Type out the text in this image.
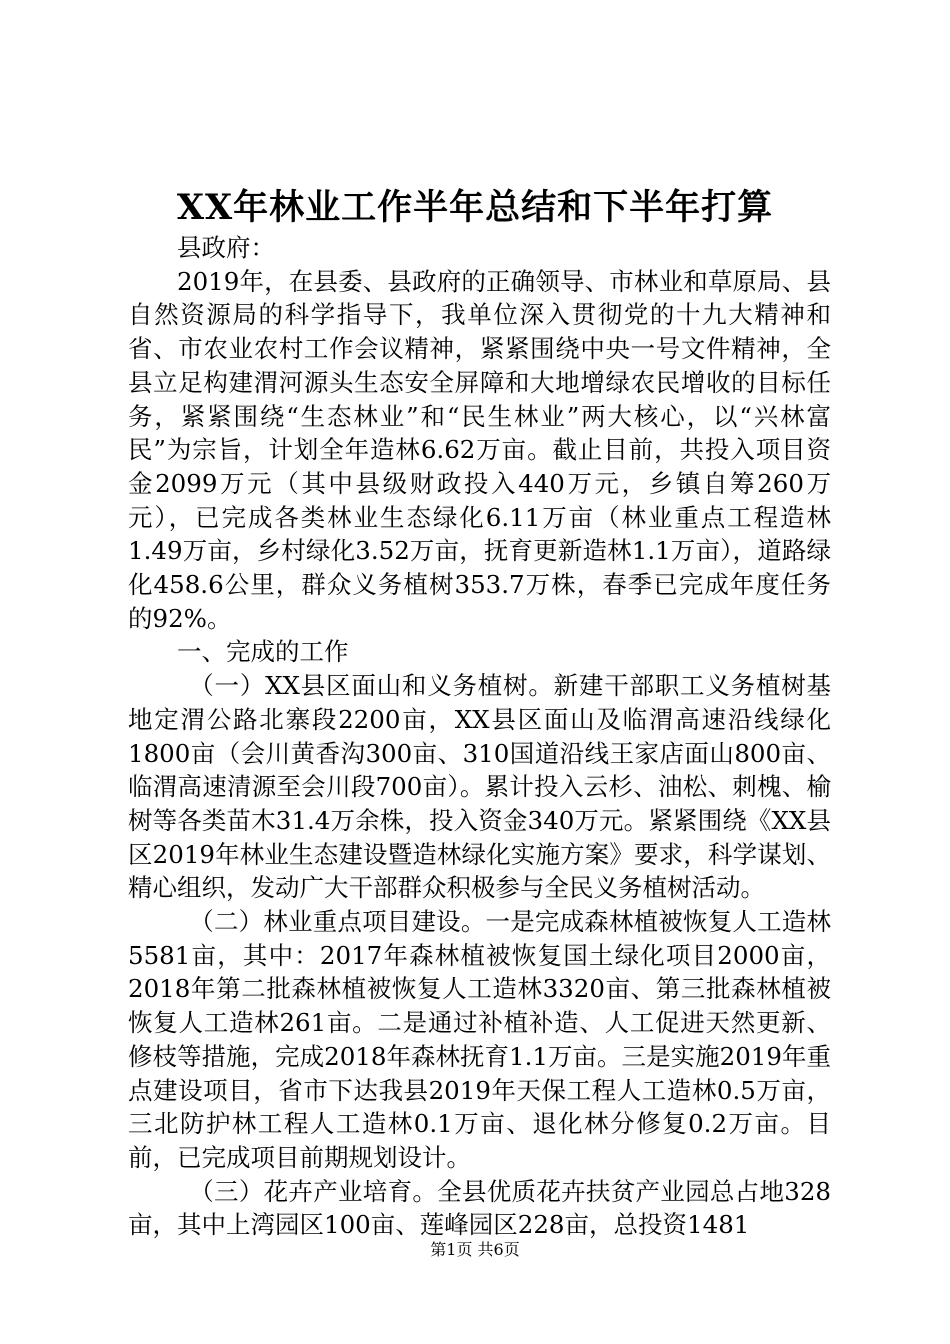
XX年林业工作半年总结和下半年打算

县政府：

2019年，在县委、县政府的正确领导、市林业和草原局、县自然资源局的科学指导下，我单位深入贯彻党的十九大精神和省、市农业农村工作会议精神，紧紧围绕中央一号文件精神，全县立足构建渭河源头生态安全屏障和大地增绿农民增收的目标任务，紧紧围绕“生态林业”和“民生林业”两大核心，以“兴林富民”为宗旨，计划全年造林6.62万亩。截止目前，共投入项目资金2099万元（其中县级财政投入440万元，乡镇自筹260万元），已完成各类林业生态绿化6.11万亩（林业重点工程造林1.49万亩，乡村绿化3.52万亩，抚育更新造林1.1万亩），道路绿化458.6公里，群众义务植树353.7万株，春季已完成年度任务的92%。

一、完成的工作

（一）XX县区面山和义务植树。新建干部职工义务植树基地定渭公路北寨段2200亩，XX县区面山及临渭高速沿线绿化1800亩（会川黄香沟300亩、310国道沿线王家店面山800亩、临渭高速清源至会川段700亩）。累计投入云杉、油松、刺槐、榆树等各类苗木31.4万余株，投入资金340万元。紧紧围绕《XX县区2019年林业生态建设暨造林绿化实施方案》要求，科学谋划、精心组织，发动广大干部群众积极参与全民义务植树活动。

（二）林业重点项目建设。一是完成森林植被恢复人工造林5581亩，其中：2017年森林植被恢复国土绿化项目2000亩，2018年第二批森林植被恢复人工造林3320亩、第三批森林植被恢复人工造林261亩。二是通过补植补造、人工促进天然更新、修枝等措施，完成2018年森林抚育1.1万亩。三是实施2019年重点建设项目，省市下达我县2019年天保工程人工造林0.5万亩，三北防护林工程人工造林0.1万亩、退化林分修复0.2万亩。目前，已完成项目前期规划设计。

（三）花卉产业培育。全县优质花卉扶贫产业园总占地328亩，其中上湾园区100亩、莲峰园区228亩，总投资1481

第1页 共6页
